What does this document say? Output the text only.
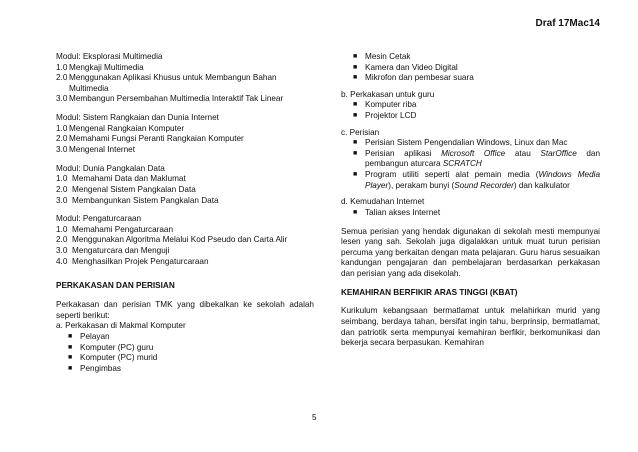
Draf 17Mac14

Modul: Eksplorasi Multimedia

1.0 Mengkaji Multimedia
2.0 Menggunakan Aplikasi Khusus untuk Membangun Bahan Multimedia
3.0 Membangun Persembahan Multimedia Interaktif Tak Linear

Modul: Sistem Rangkaian dan Dunia Internet

1.0 Mengenal Rangkaian Komputer
2.0 Memahami Fungsi Peranti Rangkaian Komputer
3.0 Mengenal Internet

Modul: Dunia Pangkalan Data

1.0 Memahami Data dan Maklumat
2.0 Mengenal Sistem Pangkalan Data
3.0 Membangunkan Sistem Pangkalan Data

Modul: Pengaturcaraan

1.0 Memahami Pengaturcaraan
2.0 Menggunakan Algoritma Melalui Kod Pseudo dan Carta Alir
3.0 Mengaturcara dan Menguji
4.0 Menghasilkan Projek Pengaturcaraan

PERKAKASAN DAN PERISIAN

Perkakasan dan perisian TMK yang dibekalkan ke sekolah adalah seperti berikut:

a. Perkakasan di Makmal Komputer

■ Pelayan
■ Komputer (PC) guru
■ Komputer (PC) murid
■ Pengimbas
■ Mesin Cetak
■ Kamera dan Video Digital
■ Mikrofon dan pembesar suara

b. Perkakasan untuk guru

■ Komputer riba
■ Projektor LCD

c. Perisian

■ Perisian Sistem Pengendalian Windows, Linux dan Mac
■ Perisian aplikasi Microsoft Office atau StarOffice dan pembangun aturcara SCRATCH
■ Program utiliti seperti alat pemain media (Windows Media Player), perakam bunyi (Sound Recorder) dan kalkulator

d. Kemudahan Internet

■ Talian akses Internet

Semua perisian yang hendak digunakan di sekolah mesti mempunyai lesen yang sah. Sekolah juga digalakkan untuk muat turun perisian percuma yang berkaitan dengan mata pelajaran. Guru harus sesuaikan kandungan pengajaran dan pembelajaran berdasarkan perkakasan dan perisian yang ada disekolah.

KEMAHIRAN BERFIKIR ARAS TINGGI (KBAT)

Kurikulum kebangsaan bermatlamat untuk melahirkan murid yang seimbang, berdaya tahan, bersifat ingin tahu, berprinsip, bermatlamat, dan patriotik serta mempunyai kemahiran berfikir, berkomunikasi dan bekerja secara berpasukan. Kemahiran

5
